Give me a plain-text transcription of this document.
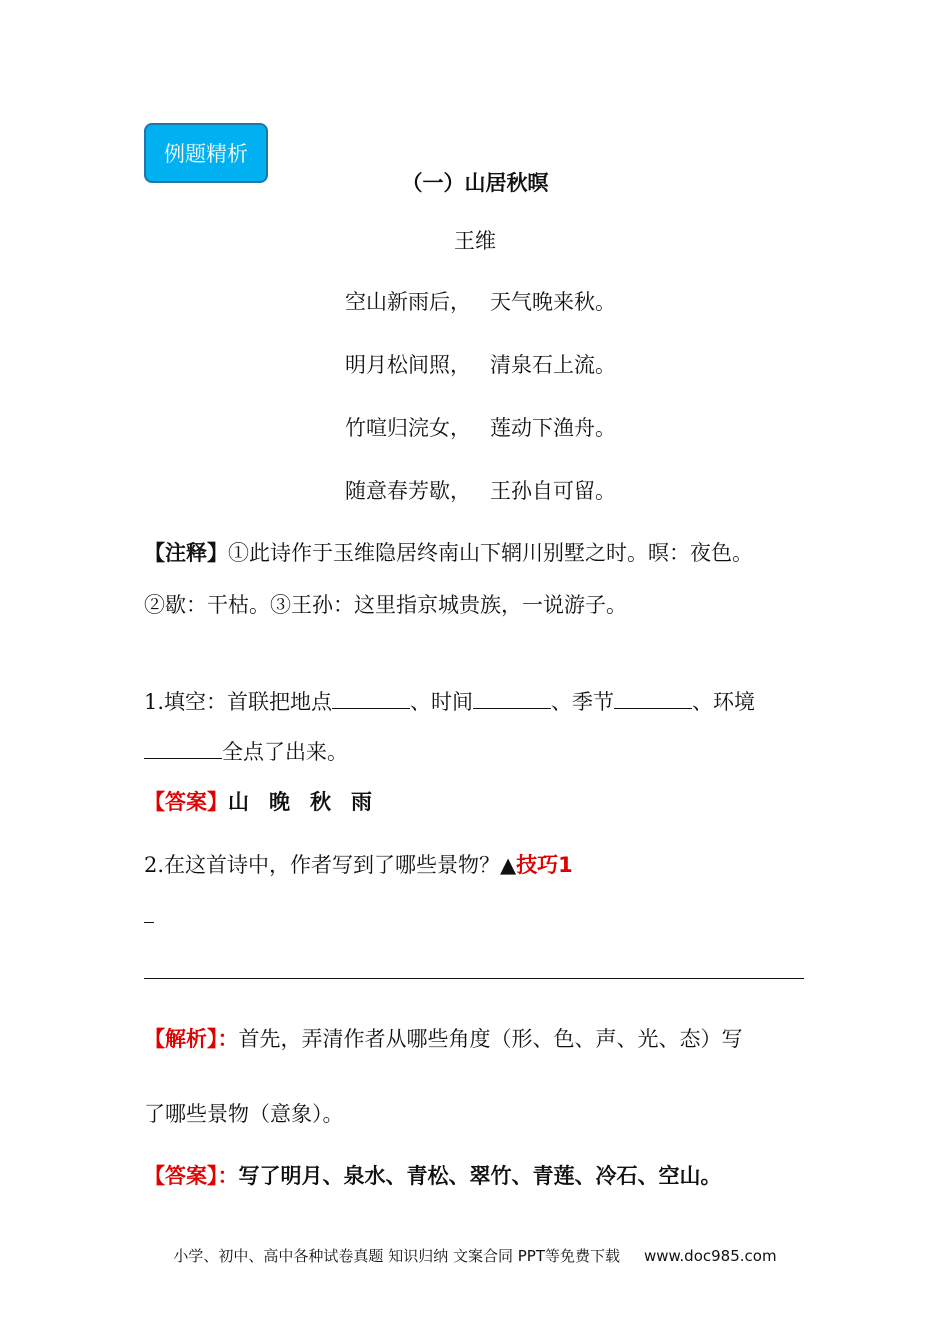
例题精析
（一）山居秋暝
王维
空山新雨后， 天气晚来秋。
明月松间照， 清泉石上流。
竹喧归浣女， 莲动下渔舟。
随意春芳歇， 王孙自可留。
【注释】①此诗作于玉维隐居终南山下辋川别墅之时。暝：夜色。
②歇：干枯。③王孙：这里指京城贵族，一说游子。
1.填空：首联把地点	、时间	、季节	、环境
全点了出来。
【答案】山 晚 秋 雨
2.在这首诗中，作者写到了哪些景物？▲技巧1
【解析】：首先，弄清作者从哪些角度（形、色、声、光、态）写
了哪些景物（意象）。
【答案】：写了明月、泉水、青松、翠竹、青莲、冷石、空山。
小学、初中、高中各种试卷真题 知识归纳 文案合同 PPT等免费下载 www.doc985.com
